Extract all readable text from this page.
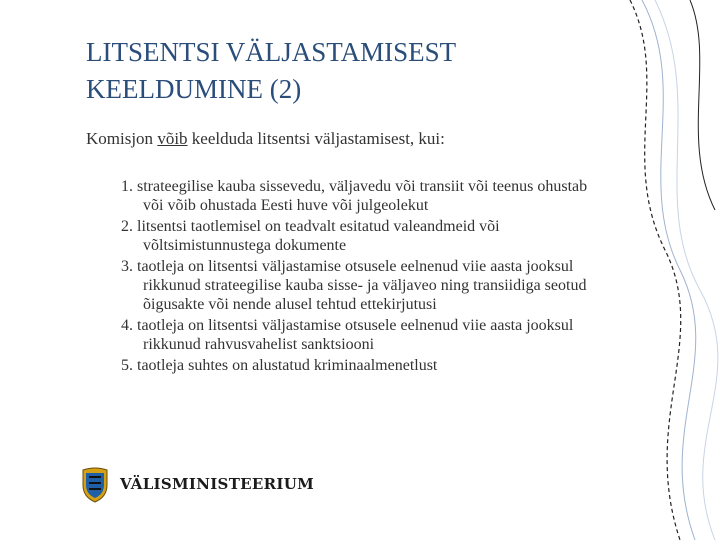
LITSENTSI VÄLJASTAMISEST
KEELDUMINE (2)

Komisjon võib keelduda litsentsi väljastamisest, kui:

1. strateegilise kauba sissevedu, väljavedu või transiit või teenus ohustab või võib ohustada Eesti huve või julgeolekut
2. litsentsi taotlemisel on teadvalt esitatud valeandmeid või võltsimistunnustega dokumente
3. taotleja on litsentsi väljastamise otsusele eelnenud viie aasta jooksul rikkunud strateegilise kauba sisse- ja väljaveo ning transiidiga seotud õigusakte või nende alusel tehtud ettekirjutusi
4. taotleja on litsentsi väljastamise otsusele eelnenud viie aasta jooksul rikkunud rahvusvahelist sanktsiooni
5. taotleja suhtes on alustatud kriminaalmenetlust
VÄLISMINISTEERIUM
